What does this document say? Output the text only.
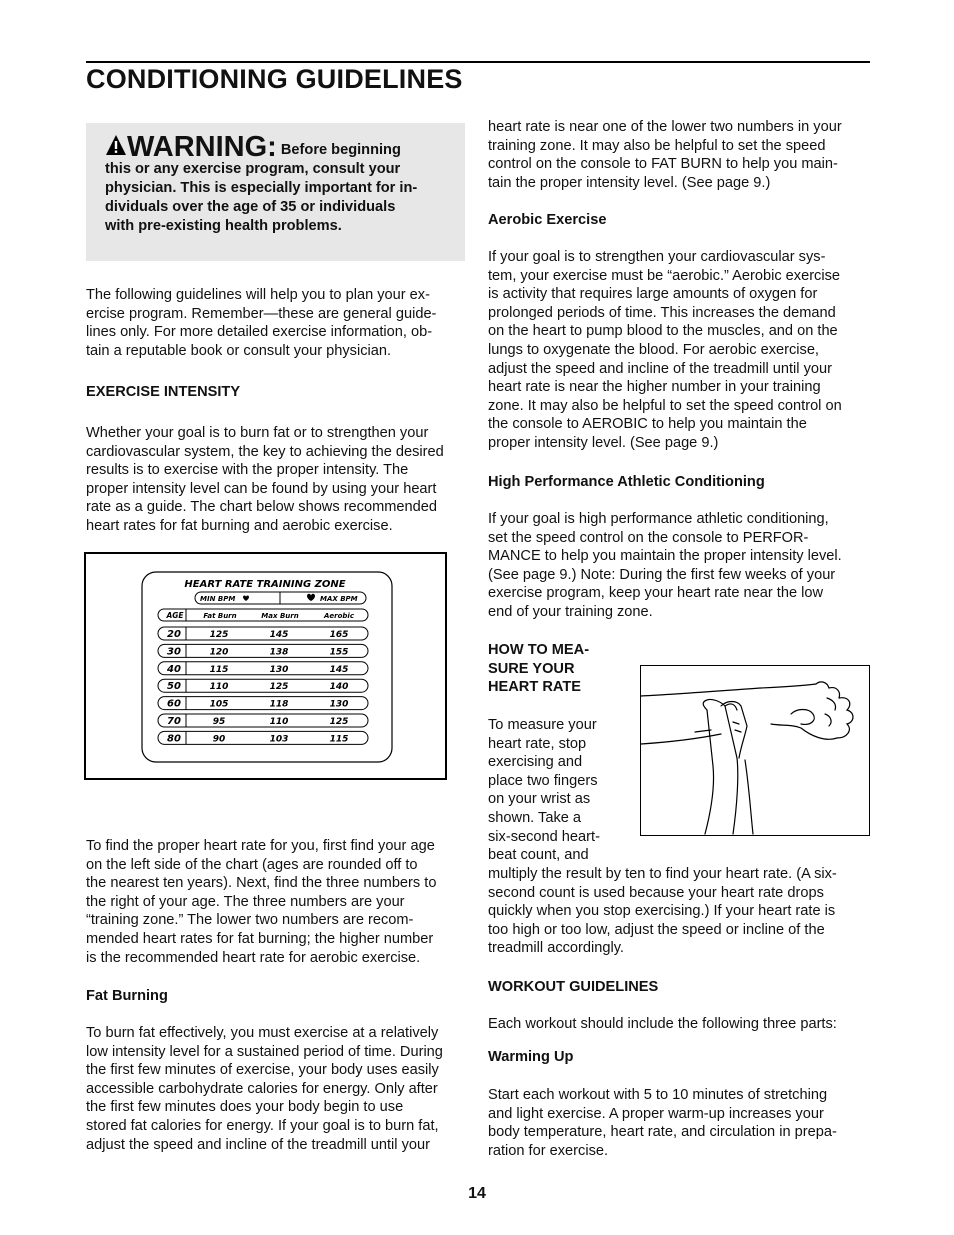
CONDITIONING GUIDELINES
WARNING: Before beginning
this or any exercise program, consult your
physician. This is especially important for in-
dividuals over the age of 35 or individuals
with pre-existing health problems.

The following guidelines will help you to plan your ex-

ercise program. Remember—these are general guide-

lines only. For more detailed exercise information, ob-

tain a reputable book or consult your physician.

EXERCISE INTENSITY

Whether your goal is to burn fat or to strengthen your

cardiovascular system, the key to achieving the desired

results is to exercise with the proper intensity. The

proper intensity level can be found by using your heart

rate as a guide. The chart below shows recommended

heart rates for fat burning and aerobic exercise.

HEART RATE TRAINING ZONE
MIN BPM	MAX BPM
AGE	Fat Burn	Max Burn	Aerobic
20	125	145	165
30	120	138	155
40	115	130	145
50	110	125	140
60	105	118	130
70	95	110	125
80	90	103	115

To find the proper heart rate for you, first find your age

on the left side of the chart (ages are rounded off to

the nearest ten years). Next, find the three numbers to

the right of your age. The three numbers are your

“training zone.” The lower two numbers are recom-

mended heart rates for fat burning; the higher number

is the recommended heart rate for aerobic exercise.

Fat Burning

To burn fat effectively, you must exercise at a relatively

low intensity level for a sustained period of time. During

the first few minutes of exercise, your body uses easily

accessible carbohydrate calories for energy. Only after

the first few minutes does your body begin to use

stored fat calories for energy. If your goal is to burn fat,

adjust the speed and incline of the treadmill until your

heart rate is near one of the lower two numbers in your

training zone. It may also be helpful to set the speed

control on the console to FAT BURN to help you main-

tain the proper intensity level. (See page 9.)

Aerobic Exercise

If your goal is to strengthen your cardiovascular sys-

tem, your exercise must be “aerobic.” Aerobic exercise

is activity that requires large amounts of oxygen for

prolonged periods of time. This increases the demand

on the heart to pump blood to the muscles, and on the

lungs to oxygenate the blood. For aerobic exercise,

adjust the speed and incline of the treadmill until your

heart rate is near the higher number in your training

zone. It may also be helpful to set the speed control on

the console to AEROBIC to help you maintain the

proper intensity level. (See page 9.)

High Performance Athletic Conditioning

If your goal is high performance athletic conditioning,

set the speed control on the console to PERFOR-

MANCE to help you maintain the proper intensity level.

(See page 9.) Note: During the first few weeks of your

exercise program, keep your heart rate near the low

end of your training zone.

HOW TO MEA-

SURE YOUR

HEART RATE

To measure your

heart rate, stop

exercising and

place two fingers

on your wrist as

shown. Take a

six-second heart-

beat count, and

multiply the result by ten to find your heart rate. (A six-

second count is used because your heart rate drops

quickly when you stop exercising.) If your heart rate is

too high or too low, adjust the speed or incline of the

treadmill accordingly.

WORKOUT GUIDELINES
Each workout should include the following three parts:
Warming Up

Start each workout with 5 to 10 minutes of stretching

and light exercise. A proper warm-up increases your

body temperature, heart rate, and circulation in prepa-

ration for exercise.

14
